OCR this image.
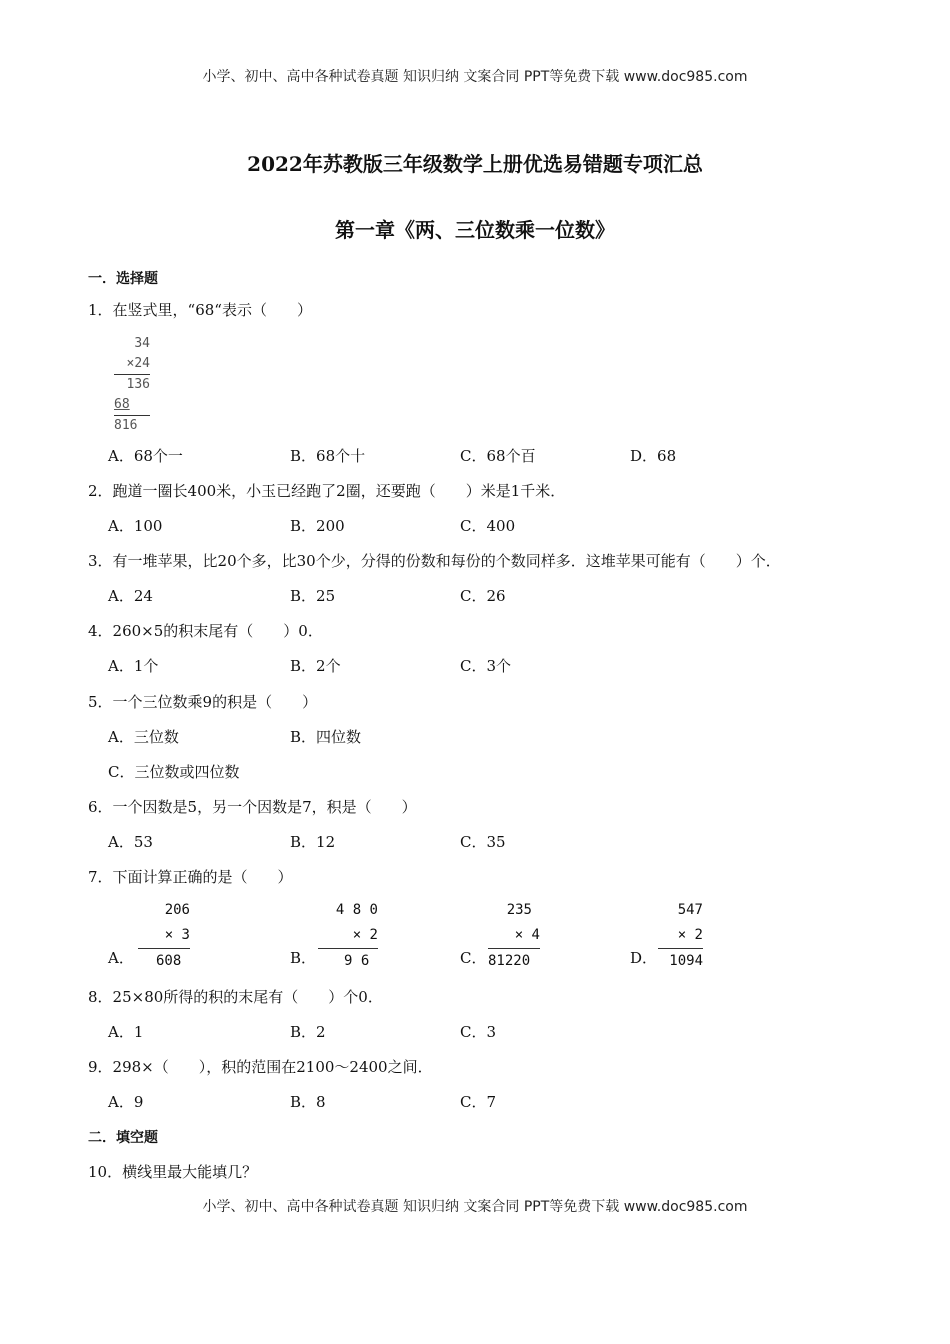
小学、初中、高中各种试卷真题 知识归纳 文案合同 PPT等免费下载 www.doc985.com
2022年苏教版三年级数学上册优选易错题专项汇总
第一章《两、三位数乘一位数》
一．选择题
1．在竖式里，“68“表示（　　）
34
×24
136
68
816
A．68个一	B．68个十	C．68个百	D．68
2．跑道一圈长400米，小玉已经跑了2圈，还要跑（　　）米是1千米．
A．100	B．200	C．400
3．有一堆苹果，比20个多，比30个少，分得的份数和每份的个数同样多．这堆苹果可能有（　　）个．
A．24	B．25	C．26
4．260×5的积末尾有（　　）0．
A．1个	B．2个	C．3个
5．一个三位数乘9的积是（　　）
A．三位数	B．四位数
C．三位数或四位数
6．一个因数是5，另一个因数是7，积是（　　）
A．53	B．12	C．35
7．下面计算正确的是（　　）
A．
206
× 3
608	B．
4 8 0
× 2
9 6	C．
235
× 4
81220	D．
547
× 2
1094
8．25×80所得的积的末尾有（　　）个0．
A．1	B．2	C．3
9．298×（　　），积的范围在2100～2400之间．
A．9	B．8	C．7
二．填空题
10．横线里最大能填几？
小学、初中、高中各种试卷真题 知识归纳 文案合同 PPT等免费下载 www.doc985.com
